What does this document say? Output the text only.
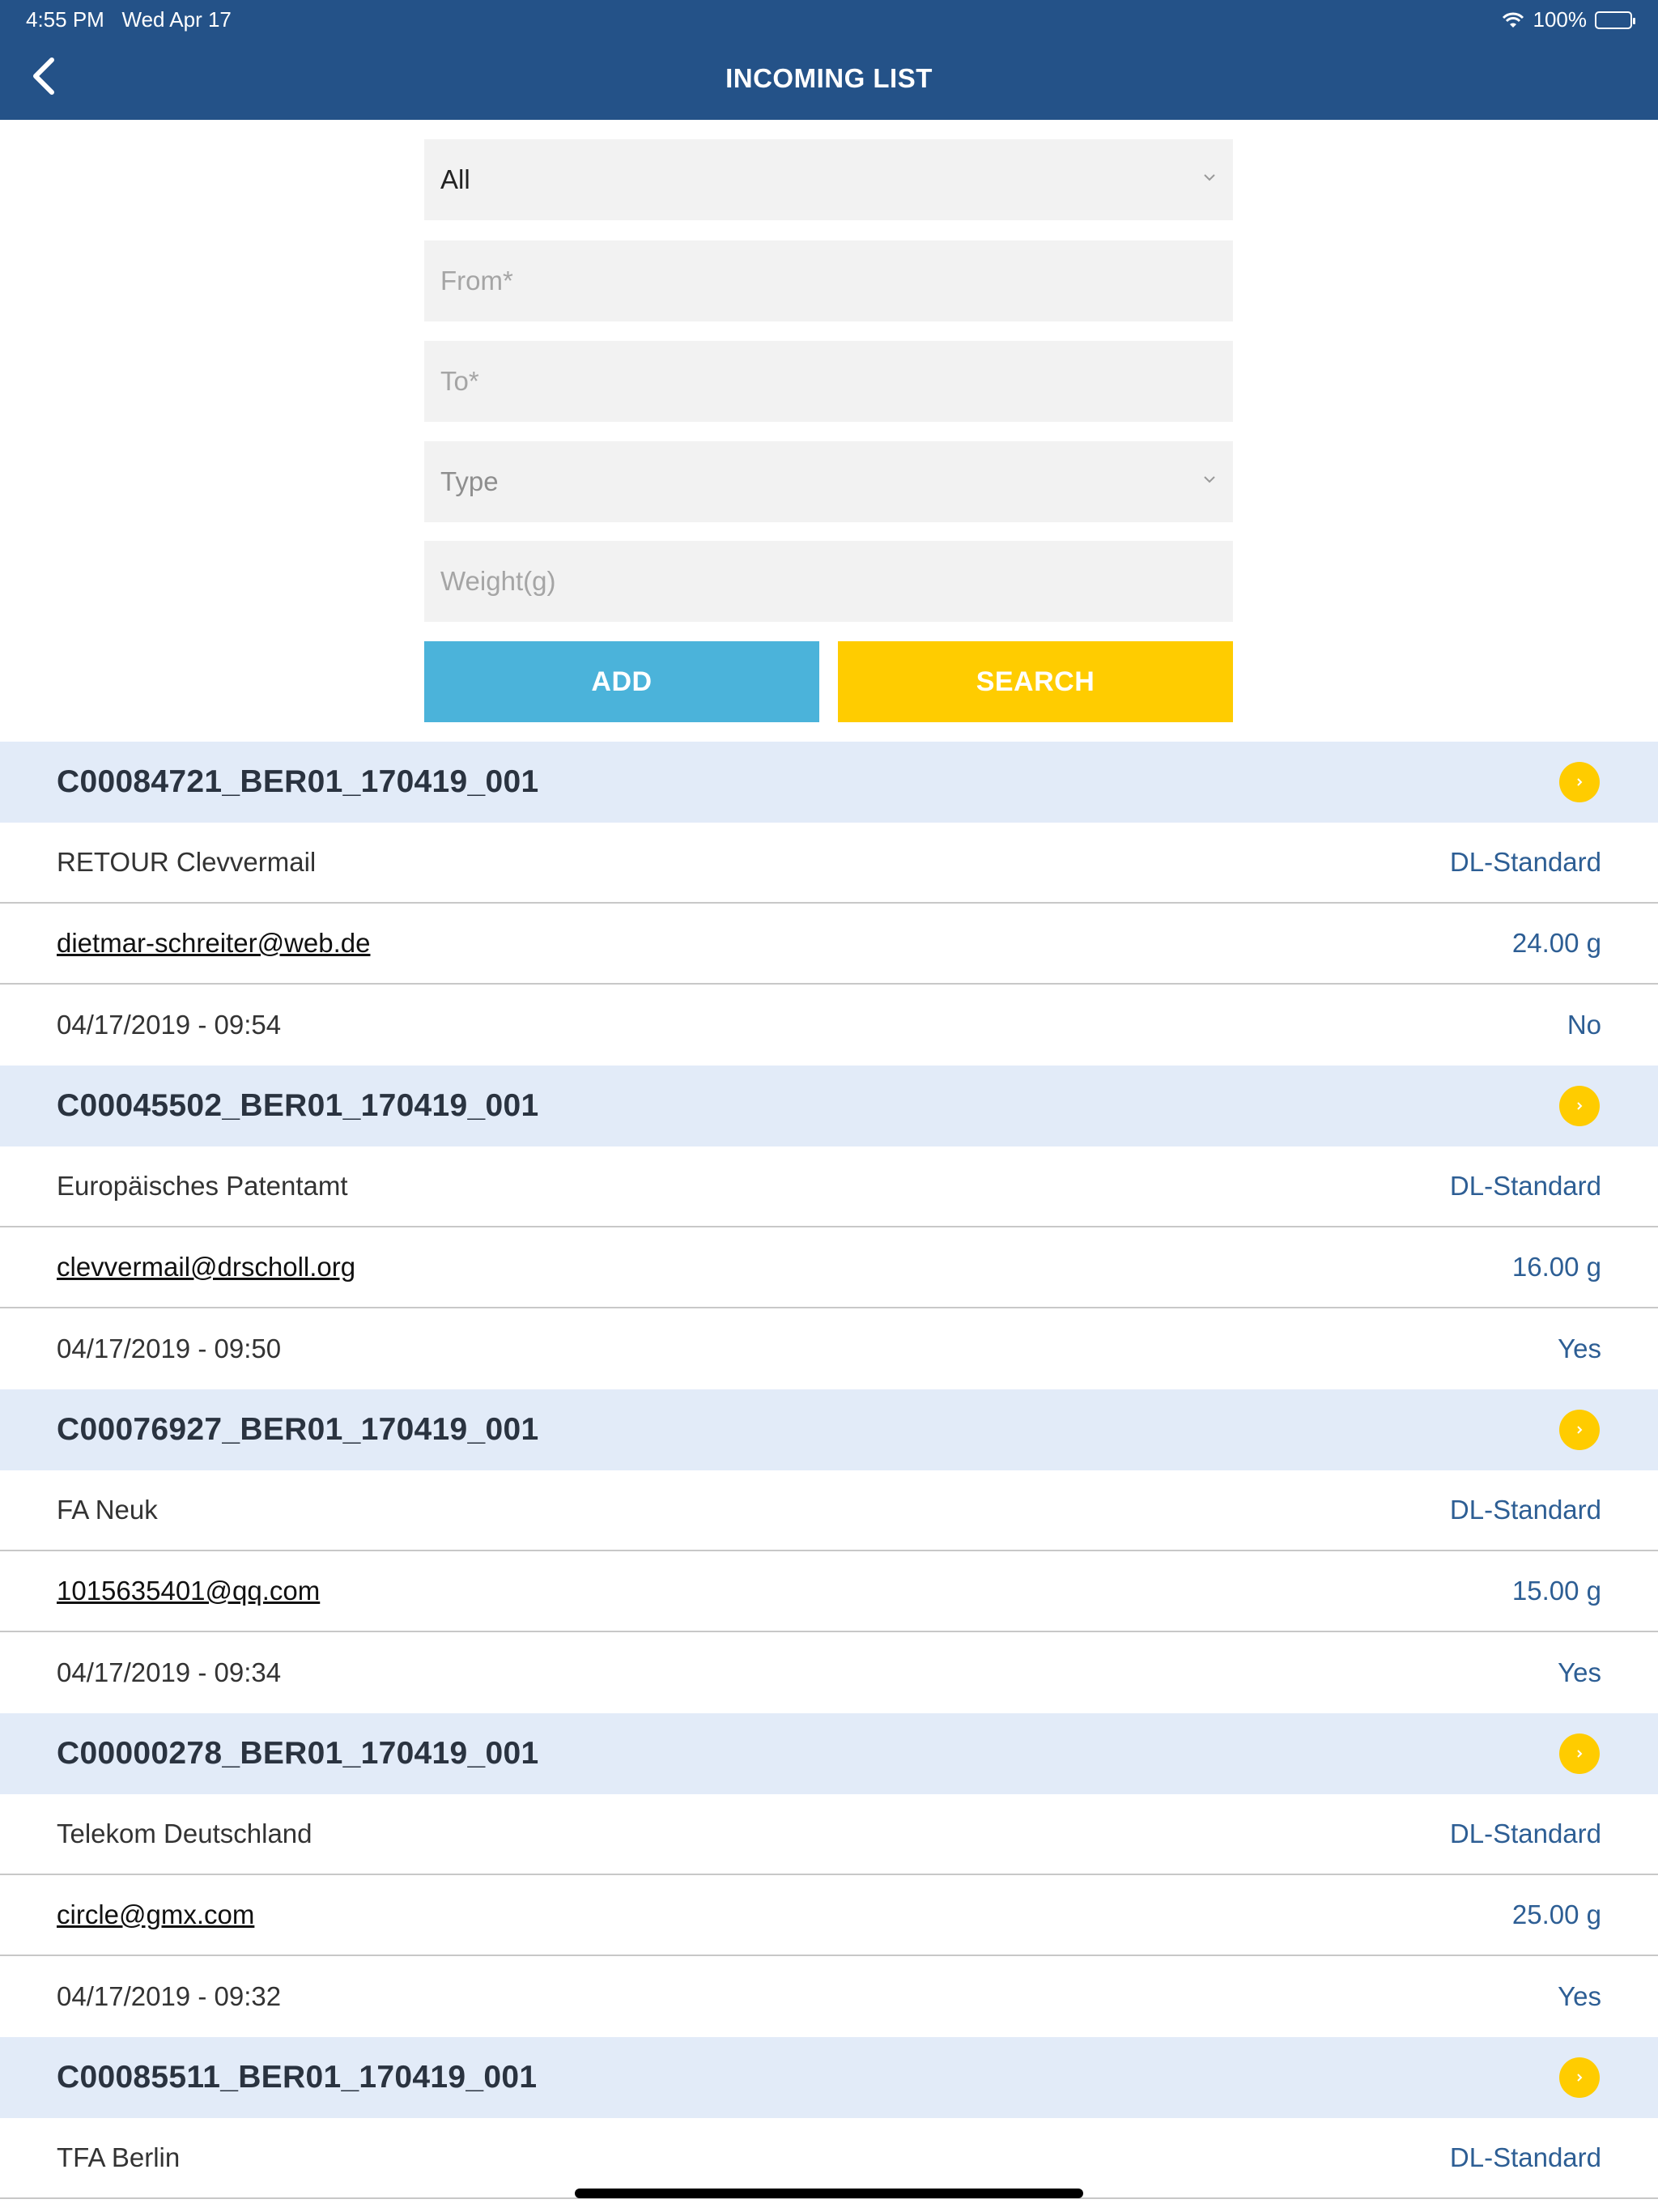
4:55 PM Wed Apr 17	100%
INCOMING LIST
All
From*
To*
Type
Weight(g)
ADD	SEARCH
C00084721_BER01_170419_001
RETOUR Clevvermail	DL-Standard
dietmar-schreiter@web.de	24.00 g
04/17/2019 - 09:54	No
C00045502_BER01_170419_001
Europäisches Patentamt	DL-Standard
clevvermail@drscholl.org	16.00 g
04/17/2019 - 09:50	Yes
C00076927_BER01_170419_001
FA Neuk	DL-Standard
1015635401@qq.com	15.00 g
04/17/2019 - 09:34	Yes
C00000278_BER01_170419_001
Telekom Deutschland	DL-Standard
circle@gmx.com	25.00 g
04/17/2019 - 09:32	Yes
C00085511_BER01_170419_001
TFA Berlin	DL-Standard
